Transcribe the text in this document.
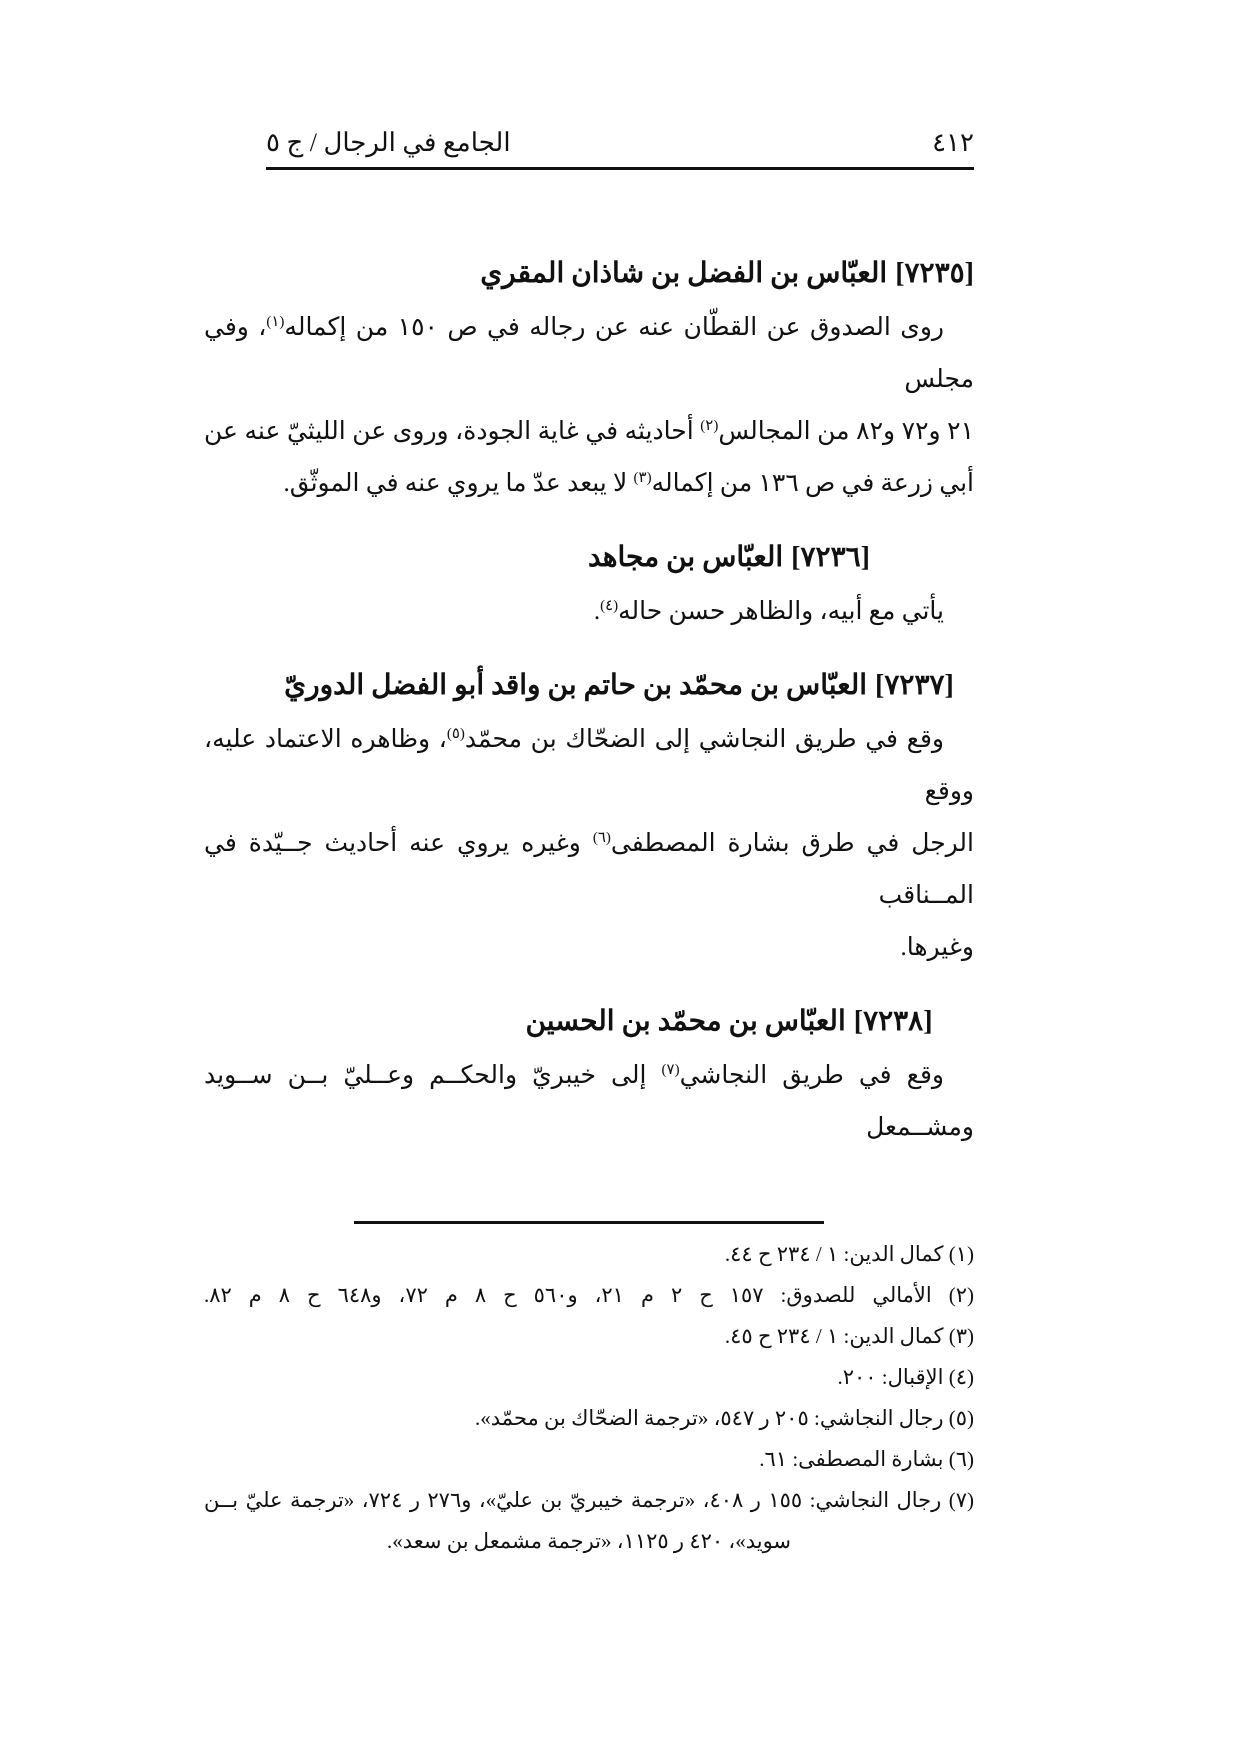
٤١٢
الجامع في الرجال / ج ٥
[٧٢٣٥]العبّاس بن الفضل بن شاذان المقري

روى الصدوق عن القطّان عنه عن رجاله في ص ١٥٠ من إكماله$^{(١)}$، وفي مجلس
٢١ و٧٢ و٨٢ من المجالس$^{(٢)}$ أحاديثه في غاية الجودة، وروى عن الليثيّ عنه عن
أبي زرعة في ص ١٣٦ من إكماله$^{(٣)}$ لا يبعد عدّ ما يروي عنه في الموثّق.

[٧٢٣٦]العبّاس بن مجاهد

يأتي مع أبيه، والظاهر حسن حاله$^{(٤)}$.

[٧٢٣٧]العبّاس بن محمّد بن حاتم بن واقد أبو الفضل الدوريّ

وقع في طريق النجاشي إلى الضحّاك بن محمّد$^{(٥)}$، وظاهره الاعتماد عليه، ووقع
الرجل في طرق بشارة المصطفى$^{(٦)}$ وغيره يروي عنه أحاديث جــيّدة في المــناقب
وغيرها.

[٧٢٣٨]العبّاس بن محمّد بن الحسين

وقع في طريق النجاشي$^{(٧)}$ إلى خيبريّ والحكــم وعــليّ بــن ســويد ومشــمعل

(١) كمال الدين: ١ / ٢٣٤ ح ٤٤.
(٢) الأمالي للصدوق: ١٥٧ ح ٢ م ٢١، و٥٦٠ ح ٨ م ٧٢، و٦٤٨ ح ٨ م ٨٢.
(٣) كمال الدين: ١ / ٢٣٤ ح ٤٥.
(٤) الإقبال: ٢٠٠.
(٥) رجال النجاشي: ٢٠٥ ر ٥٤٧، «ترجمة الضحّاك بن محمّد».
(٦) بشارة المصطفى: ٦١.
(٧) رجال النجاشي: ١٥٥ ر ٤٠٨، «ترجمة خيبريّ بن عليّ»، و٢٧٦ ر ٧٢٤، «ترجمة عليّ بــن
سويد»، ٤٢٠ ر ١١٢٥، «ترجمة مشمعل بن سعد».
